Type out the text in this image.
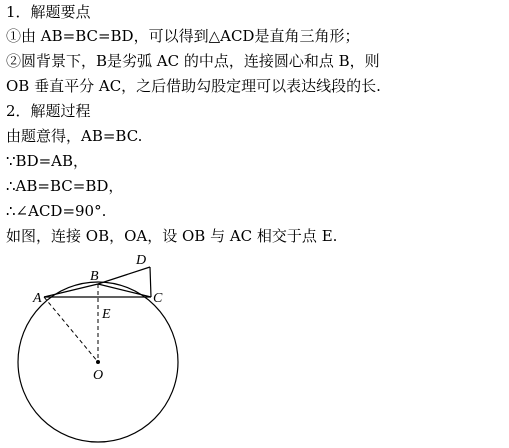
1．解题要点
①由 AB=BC=BD，可以得到△ACD是直角三角形；
②圆背景下，B是劣弧 AC 的中点，连接圆心和点 B，则
OB 垂直平分 AC，之后借助勾股定理可以表达线段的长.
2．解题过程
由题意得，AB=BC.
∵BD=AB，
∴AB=BC=BD，
∴∠ACD=90°.
如图，连接 OB，OA，设 OB 与 AC 相交于点 E.
A
B
C
D
E
O
